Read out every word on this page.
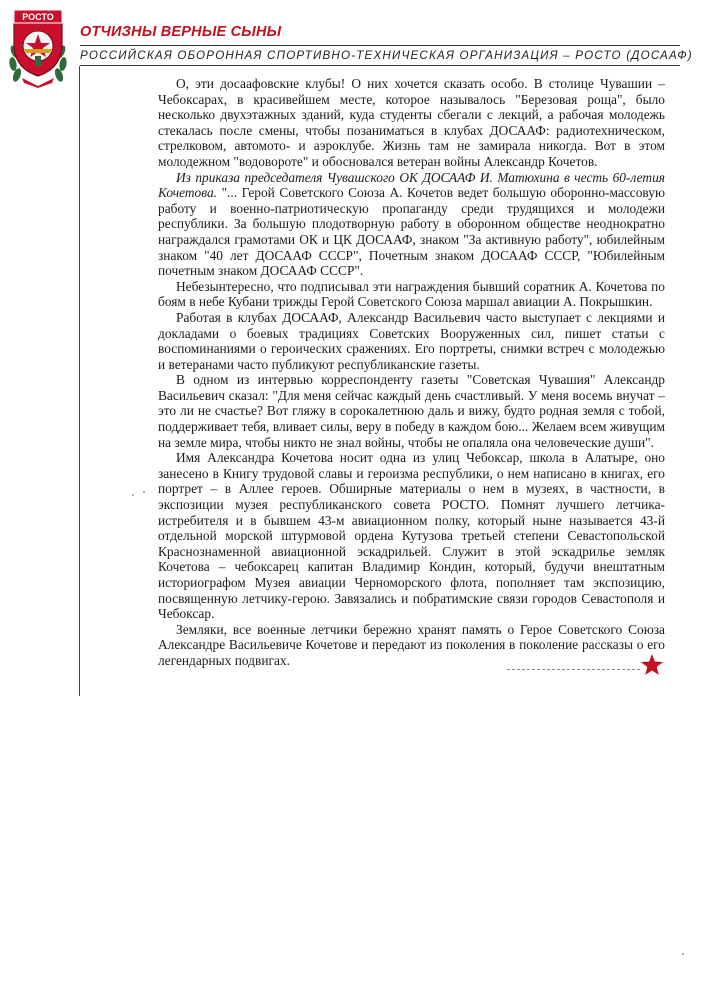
РОСТО
ОТЧИЗНЫ ВЕРНЫЕ СЫНЫ
РОССИЙСКАЯ ОБОРОННАЯ СПОРТИВНО-ТЕХНИЧЕСКАЯ ОРГАНИЗАЦИЯ – РОСТО (ДОСААФ)

О, эти досаафовские клубы! О них хочется сказать особо. В столице Чувашии – Чебоксарах, в красивейшем месте, которое называлось "Березовая роща", было несколько двухэтажных зданий, куда студенты сбегали с лекций, а рабочая молодежь стекалась после смены, чтобы позаниматься в клубах ДОСААФ: радиотехническом, стрелковом, автомото- и аэроклубе. Жизнь там не замирала никогда. Вот в этом молодежном "водовороте" и обосновался ветеран войны Александр Кочетов.

Из приказа председателя Чувашского ОК ДОСААФ И. Матюхина в честь 60-летия Кочетова. "... Герой Советского Союза А. Кочетов ведет большую оборонно-массовую работу и военно-патриотическую пропаганду среди трудящихся и молодежи республики. За большую плодотворную работу в оборонном обществе неоднократно награждался грамотами ОК и ЦК ДОСААФ, знаком "За активную работу", юбилейным знаком "40 лет ДОСААФ СССР", Почетным знаком ДОСААФ СССР, "Юбилейным почетным знаком ДОСААФ СССР".

Небезынтересно, что подписывал эти награждения бывший соратник А. Кочетова по боям в небе Кубани трижды Герой Советского Союза маршал авиации А. Покрышкин.

Работая в клубах ДОСААФ, Александр Васильевич часто выступает с лекциями и докладами о боевых традициях Советских Вооруженных сил, пишет статьи с воспоминаниями о героических сражениях. Его портреты, снимки встреч с молодежью и ветеранами часто публикуют республиканские газеты.

В одном из интервью корреспонденту газеты "Советская Чувашия" Александр Васильевич сказал: "Для меня сейчас каждый день счастливый. У меня восемь внучат – это ли не счастье? Вот гляжу в сорокалетнюю даль и вижу, будто родная земля с тобой, поддерживает тебя, вливает силы, веру в победу в каждом бою... Желаем всем живущим на земле мира, чтобы никто не знал войны, чтобы не опаляла она человеческие души".

Имя Александра Кочетова носит одна из улиц Чебоксар, школа в Алатыре, оно занесено в Книгу трудовой славы и героизма республики, о нем написано в книгах, его портрет – в Аллее героев. Обширные материалы о нем в музеях, в частности, в экспозиции музея республиканского совета РОСТО. Помнят лучшего летчика-истребителя и в бывшем 43-м авиационном полку, который ныне называется 43-й отдельной морской штурмовой ордена Кутузова третьей степени Севастопольской Краснознаменной авиационной эскадрильей. Служит в этой эскадрилье земляк Кочетова – чебоксарец капитан Владимир Кондин, который, будучи внештатным историографом Музея авиации Черноморского флота, пополняет там экспозицию, посвященную летчику-герою. Завязались и побратимские связи городов Севастополя и Чебоксар.

Земляки, все военные летчики бережно хранят память о Герое Советского Союза Александре Васильевиче Кочетове и передают из поколения в поколение рассказы о его легендарных подвигах.
